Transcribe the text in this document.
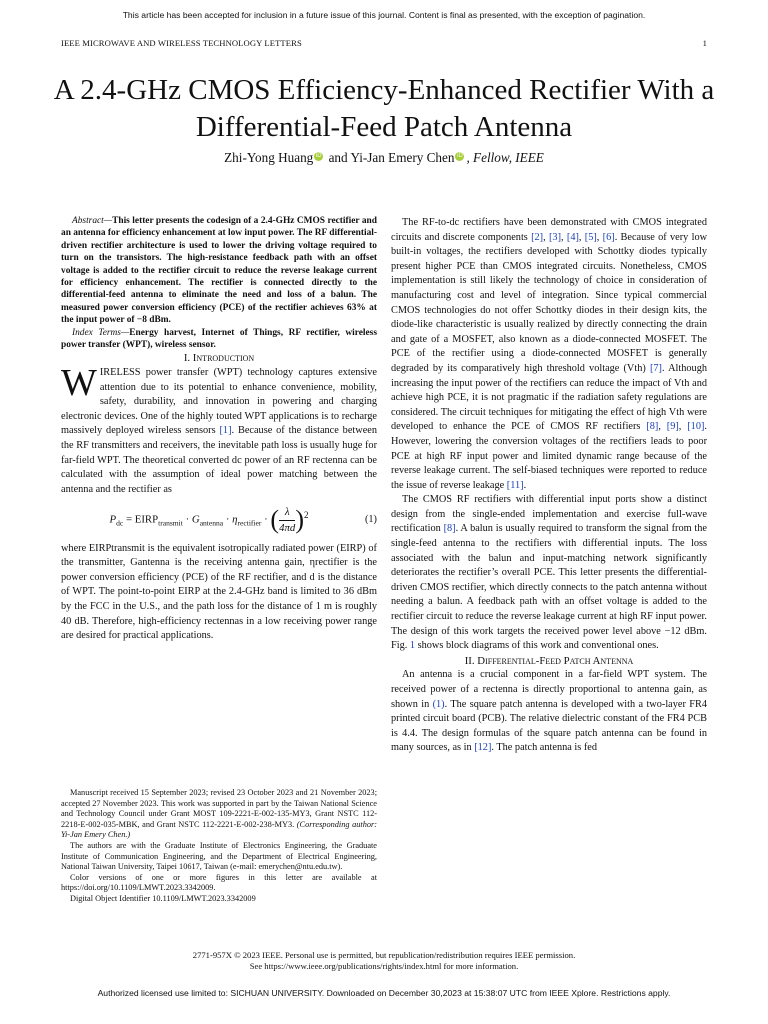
This article has been accepted for inclusion in a future issue of this journal. Content is final as presented, with the exception of pagination.
IEEE MICROWAVE AND WIRELESS TECHNOLOGY LETTERS	1
A 2.4-GHz CMOS Efficiency-Enhanced Rectifier With a Differential-Feed Patch Antenna
Zhi-Yong Huang iD and Yi-Jan Emery Chen iD , Fellow, IEEE

Abstract—This letter presents the codesign of a 2.4-GHz CMOS rectifier and an antenna for efficiency enhancement at low input power. The RF differential-driven rectifier architecture is used to lower the driving voltage required to turn on the transistors. The high-resistance feedback path with an offset voltage is added to the rectifier circuit to reduce the reverse leakage current for efficiency enhancement. The rectifier is connected directly to the differential-feed antenna to eliminate the need and loss of a balun. The measured power conversion efficiency (PCE) of the rectifier achieves 63% at the input power of −8 dBm.

Index Terms—Energy harvest, Internet of Things, RF rectifier, wireless power transfer (WPT), wireless sensor.

I. Introduction

WIRELESS power transfer (WPT) technology captures extensive attention due to its potential to enhance convenience, mobility, safety, durability, and innovation in powering and charging electronic devices. One of the highly touted WPT applications is to recharge massively deployed wireless sensors [1]. Because of the distance between the RF transmitters and receivers, the inevitable path loss is usually huge for far-field WPT. The theoretical converted dc power of an RF rectenna can be calculated with the assumption of ideal power matching between the antenna and the rectifier as

$P_{dc}$ = $EIRP_{transmit} \cdot G_{antenna} \cdot \eta_{rectifier}$ · ( $\frac{\lambda}{4\pi d} )^2$	(1)

where EIRPtransmit is the equivalent isotropically radiated power (EIRP) of the transmitter, Gantenna is the receiving antenna gain, ηrectifier is the power conversion efficiency (PCE) of the RF rectifier, and d is the distance of WPT. The point-to-point EIRP at the 2.4-GHz band is limited to 36 dBm by the FCC in the U.S., and the path loss for the distance of 1 m is roughly 40 dB. Therefore, high-efficiency rectennas in a low receiving power range are desired for practical applications.

Manuscript received 15 September 2023; revised 23 October 2023 and 21 November 2023; accepted 27 November 2023. This work was supported in part by the Taiwan National Science and Technology Council under Grant MOST 109-2221-E-002-135-MY3, Grant NSTC 112-2218-E-002-035-MBK, and Grant NSTC 112-2221-E-002-238-MY3. (Corresponding author: Yi-Jan Emery Chen.)

The authors are with the Graduate Institute of Electronics Engineering, the Graduate Institute of Communication Engineering, and the Department of Electrical Engineering, National Taiwan University, Taipei 10617, Taiwan (e-mail: emerychen@ntu.edu.tw).

Color versions of one or more figures in this letter are available at https://doi.org/10.1109/LMWT.2023.3342009.

Digital Object Identifier 10.1109/LMWT.2023.3342009

The RF-to-dc rectifiers have been demonstrated with CMOS integrated circuits and discrete components [2], [3], [4], [5], [6]. Because of very low built-in voltages, the rectifiers developed with Schottky diodes typically present higher PCE than CMOS integrated circuits. Nonetheless, CMOS implementation is still likely the technology of choice in consideration of manufacturing cost and level of integration. Since typical commercial CMOS technologies do not offer Schottky diodes in their design kits, the diode-like characteristic is usually realized by directly connecting the drain and gate of a MOSFET, also known as a diode-connected MOSFET. The PCE of the rectifier using a diode-connected MOSFET is generally degraded by its comparatively high threshold voltage (Vth) [7]. Although increasing the input power of the rectifiers can reduce the impact of Vth and achieve high PCE, it is not pragmatic if the radiation safety regulations are considered. The circuit techniques for mitigating the effect of high Vth were developed to enhance the PCE of CMOS RF rectifiers [8], [9], [10]. However, lowering the conversion voltages of the rectifiers leads to poor PCE at high RF input power and limited dynamic range because of the reverse leakage current. The self-biased techniques were reported to reduce the issue of reverse leakage [11].

The CMOS RF rectifiers with differential input ports show a distinct design from the single-ended implementation and exercise full-wave rectification [8]. A balun is usually required to transform the signal from the single-feed antenna to the rectifiers with differential inputs. The loss associated with the balun and input-matching network significantly deteriorates the rectifier’s overall PCE. This letter presents the differential-driven CMOS rectifier, which directly connects to the patch antenna without needing a balun. A feedback path with an offset voltage is added to the rectifier circuit to reduce the reverse leakage current at high RF input power. The design of this work targets the received power level above −12 dBm. Fig. 1 shows block diagrams of this work and conventional ones.

II. Differential-Feed Patch Antenna

An antenna is a crucial component in a far-field WPT system. The received power of a rectenna is directly proportional to antenna gain, as shown in (1). The square patch antenna is developed with a two-layer FR4 printed circuit board (PCB). The relative dielectric constant of the FR4 PCB is 4.4. The design formulas of the square patch antenna can be found in many sources, as in [12]. The patch antenna is fed

2771-957X © 2023 IEEE. Personal use is permitted, but republication/redistribution requires IEEE permission.
See https://www.ieee.org/publications/rights/index.html for more information.
Authorized licensed use limited to: SICHUAN UNIVERSITY. Downloaded on December 30,2023 at 15:38:07 UTC from IEEE Xplore. Restrictions apply.
